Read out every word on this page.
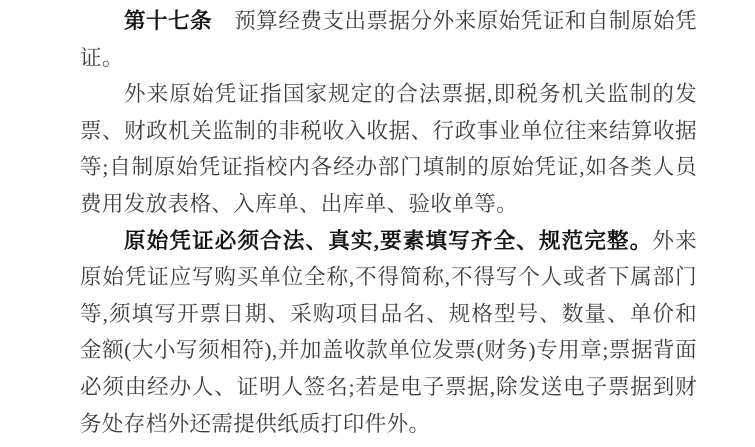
第十七条　预算经费支出票据分外来原始凭证和自制原始凭证。

外来原始凭证指国家规定的合法票据,即税务机关监制的发票、财政机关监制的非税收入收据、行政事业单位往来结算收据等;自制原始凭证指校内各经办部门填制的原始凭证,如各类人员费用发放表格、入库单、出库单、验收单等。

原始凭证必须合法、真实,要素填写齐全、规范完整。外来原始凭证应写购买单位全称,不得简称,不得写个人或者下属部门等,须填写开票日期、采购项目品名、规格型号、数量、单价和金额(大小写须相符),并加盖收款单位发票(财务)专用章;票据背面必须由经办人、证明人签名;若是电子票据,除发送电子票据到财务处存档外还需提供纸质打印件外。
